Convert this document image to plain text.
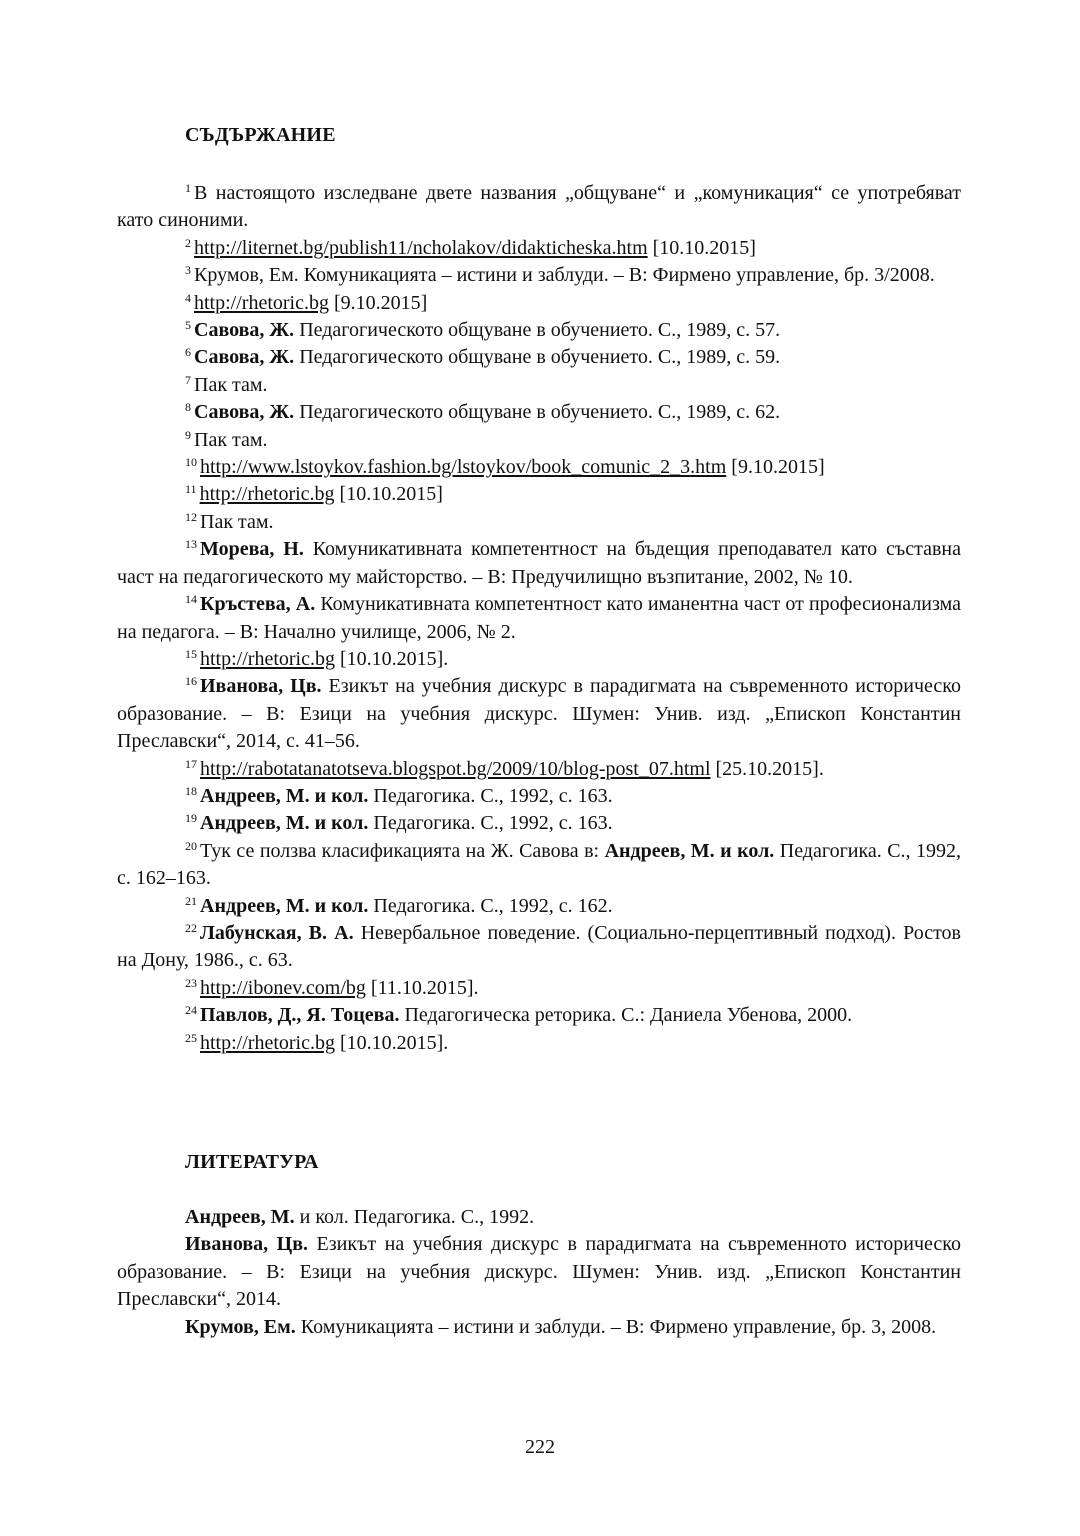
СЪДЪРЖАНИЕ

$^1$ В настоящото изследване двете названия „общуване“ и „комуникация“ се употребяват като синоними.

$^2$ http://liternet.bg/publish11/ncholakov/didakticheska.htm [10.10.2015]

$^3$ Крумов, Ем. Комуникацията – истини и заблуди. – В: Фирмено управление, бр. 3/2008.

$^4$ http://rhetoric.bg [9.10.2015]

$^5$ Савова, Ж. Педагогическото общуване в обучението. С., 1989, с. 57.

$^6$ Савова, Ж. Педагогическото общуване в обучението. С., 1989, с. 59.

$^7$ Пак там.

$^8$ Савова, Ж. Педагогическото общуване в обучението. С., 1989, с. 62.

$^9$ Пак там.

$^{10}$ http://www.lstoykov.fashion.bg/lstoykov/book_comunic_2_3.htm [9.10.2015]

$^{11}$ http://rhetoric.bg [10.10.2015]

$^{12}$ Пак там.

$^{13}$ Морева, Н. Комуникативната компетентност на бъдещия преподавател като съставна част на педагогическото му майсторство. – В: Предучилищно възпитание, 2002, № 10.

$^{14}$ Кръстева, А. Комуникативната компетентност като иманентна част от професионализма на педагога. – В: Начално училище, 2006, № 2.

$^{15}$ http://rhetoric.bg [10.10.2015].

$^{16}$ Иванова, Цв. Езикът на учебния дискурс в парадигмата на съвременното историческо образование. – В: Езици на учебния дискурс. Шумен: Унив. изд. „Епископ Константин Преславски“, 2014, с. 41–56.

$^{17}$ http://rabotatanatotseva.blogspot.bg/2009/10/blog-post_07.html [25.10.2015].

$^{18}$ Андреев, М. и кол. Педагогика. С., 1992, с. 163.

$^{19}$ Андреев, М. и кол. Педагогика. С., 1992, с. 163.

$^{20}$ Тук се ползва класификацията на Ж. Савова в: Андреев, М. и кол. Педагогика. С., 1992, с. 162–163.

$^{21}$ Андреев, М. и кол. Педагогика. С., 1992, с. 162.

$^{22}$ Лабунская, В. А. Невербальное поведение. (Социально-перцептивный подход). Ростов на Дону, 1986., с. 63.

$^{23}$ http://ibonev.com/bg [11.10.2015].

$^{24}$ Павлов, Д., Я. Тоцева. Педагогическа реторика. С.: Даниела Убенова, 2000.

$^{25}$ http://rhetoric.bg [10.10.2015].

ЛИТЕРАТУРА

Андреев, М. и кол. Педагогика. С., 1992.

Иванова, Цв. Езикът на учебния дискурс в парадигмата на съвременното историческо образование. – В: Езици на учебния дискурс. Шумен: Унив. изд. „Епископ Константин Преславски“, 2014.

Крумов, Ем. Комуникацията – истини и заблуди. – В: Фирмено управление, бр. 3, 2008.

222
